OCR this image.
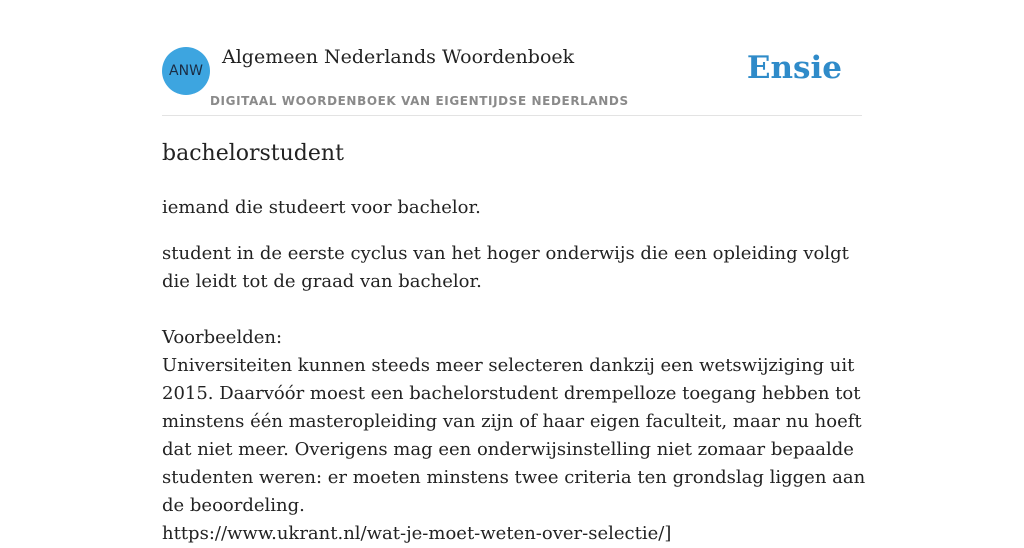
ANW
Algemeen Nederlands Woordenboek
DIGITAAL WOORDENBOEK VAN EIGENTIJDSE NEDERLANDS
Ensie
bachelorstudent

iemand die studeert voor bachelor.

student in de eerste cyclus van het hoger onderwijs die een opleiding volgt die leidt tot de graad van bachelor.

Voorbeelden:
Universiteiten kunnen steeds meer selecteren dankzij een wetswijziging uit 2015. Daarvóór moest een bachelorstudent drempelloze toegang hebben tot minstens één masteropleiding van zijn of haar eigen faculteit, maar nu hoeft dat niet meer. Overigens mag een onderwijsinstelling niet zomaar bepaalde studenten weren: er moeten minstens twee criteria ten grondslag liggen aan de beoordeling.
https://www.ukrant.nl/wat-je-moet-weten-over-selectie/]
